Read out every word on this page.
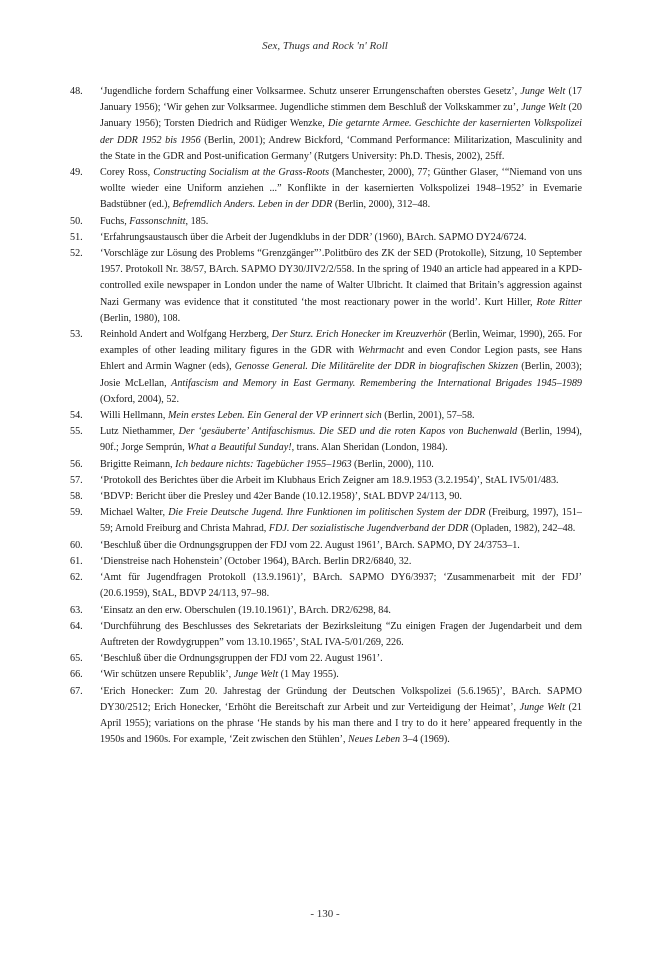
Sex, Thugs and Rock 'n' Roll
48.	‘Jugendliche fordern Schaffung einer Volksarmee. Schutz unserer Errungenschaften oberstes Gesetz’, Junge Welt (17 January 1956); ‘Wir gehen zur Volksarmee. Jugendliche stimmen dem Beschluß der Volkskammer zu’, Junge Welt (20 January 1956); Torsten Diedrich and Rüdiger Wenzke, Die getarnte Armee. Geschichte der kasernierten Volkspolizei der DDR 1952 bis 1956 (Berlin, 2001); Andrew Bickford, ‘Command Performance: Militarization, Masculinity and the State in the GDR and Post-unification Germany’ (Rutgers University: Ph.D. Thesis, 2002), 25ff.
49.	Corey Ross, Constructing Socialism at the Grass-Roots (Manchester, 2000), 77; Günther Glaser, ‘“Niemand von uns wollte wieder eine Uniform anziehen ...” Konflikte in der kasernierten Volkspolizei 1948–1952’ in Evemarie Badstübner (ed.), Befremdlich Anders. Leben in der DDR (Berlin, 2000), 312–48.
50.	Fuchs, Fassonschnitt, 185.
51.	‘Erfahrungsaustausch über die Arbeit der Jugendklubs in der DDR’ (1960), BArch. SAPMO DY24/6724.
52.	‘Vorschläge zur Lösung des Problems “Grenzgänger”’.Politbüro des ZK der SED (Protokolle), Sitzung, 10 September 1957. Protokoll Nr. 38/57, BArch. SAPMO DY30/JIV2/2/558. In the spring of 1940 an article had appeared in a KPD-controlled exile newspaper in London under the name of Walter Ulbricht. It claimed that Britain’s aggression against Nazi Germany was evidence that it constituted ‘the most reactionary power in the world’. Kurt Hiller, Rote Ritter (Berlin, 1980), 108.
53.	Reinhold Andert and Wolfgang Herzberg, Der Sturz. Erich Honecker im Kreuzverhör (Berlin, Weimar, 1990), 265. For examples of other leading military figures in the GDR with Wehrmacht and even Condor Legion pasts, see Hans Ehlert and Armin Wagner (eds), Genosse General. Die Militärelite der DDR in biografischen Skizzen (Berlin, 2003); Josie McLellan, Antifascism and Memory in East Germany. Remembering the International Brigades 1945–1989 (Oxford, 2004), 52.
54.	Willi Hellmann, Mein erstes Leben. Ein General der VP erinnert sich (Berlin, 2001), 57–58.
55.	Lutz Niethammer, Der ‘gesäuberte’ Antifaschismus. Die SED und die roten Kapos von Buchenwald (Berlin, 1994), 90f.; Jorge Semprún, What a Beautiful Sunday!, trans. Alan Sheridan (London, 1984).
56.	Brigitte Reimann, Ich bedaure nichts: Tagebücher 1955–1963 (Berlin, 2000), 110.
57.	‘Protokoll des Berichtes über die Arbeit im Klubhaus Erich Zeigner am 18.9.1953 (3.2.1954)’, StAL IV5/01/483.
58.	‘BDVP: Bericht über die Presley und 42er Bande (10.12.1958)’, StAL BDVP 24/113, 90.
59.	Michael Walter, Die Freie Deutsche Jugend. Ihre Funktionen im politischen System der DDR (Freiburg, 1997), 151–59; Arnold Freiburg and Christa Mahrad, FDJ. Der sozialistische Jugendverband der DDR (Opladen, 1982), 242–48.
60.	‘Beschluß über die Ordnungsgruppen der FDJ vom 22. August 1961’, BArch. SAPMO, DY 24/3753–1.
61.	‘Dienstreise nach Hohenstein’ (October 1964), BArch. Berlin DR2/6840, 32.
62.	‘Amt für Jugendfragen Protokoll (13.9.1961)’, BArch. SAPMO DY6/3937; ‘Zusammenarbeit mit der FDJ’ (20.6.1959), StAL, BDVP 24/113, 97–98.
63.	‘Einsatz an den erw. Oberschulen (19.10.1961)’, BArch. DR2/6298, 84.
64.	‘Durchführung des Beschlusses des Sekretariats der Bezirksleitung “Zu einigen Fragen der Jugendarbeit und dem Auftreten der Rowdygruppen” vom 13.10.1965’, StAL IVA-5/01/269, 226.
65.	‘Beschluß über die Ordnungsgruppen der FDJ vom 22. August 1961’.
66.	‘Wir schützen unsere Republik’, Junge Welt (1 May 1955).
67.	‘Erich Honecker: Zum 20. Jahrestag der Gründung der Deutschen Volkspolizei (5.6.1965)’, BArch. SAPMO DY30/2512; Erich Honecker, ‘Erhöht die Bereitschaft zur Arbeit und zur Verteidigung der Heimat’, Junge Welt (21 April 1955); variations on the phrase ‘He stands by his man there and I try to do it here’ appeared frequently in the 1950s and 1960s. For example, ‘Zeit zwischen den Stühlen’, Neues Leben 3–4 (1969).
- 130 -
